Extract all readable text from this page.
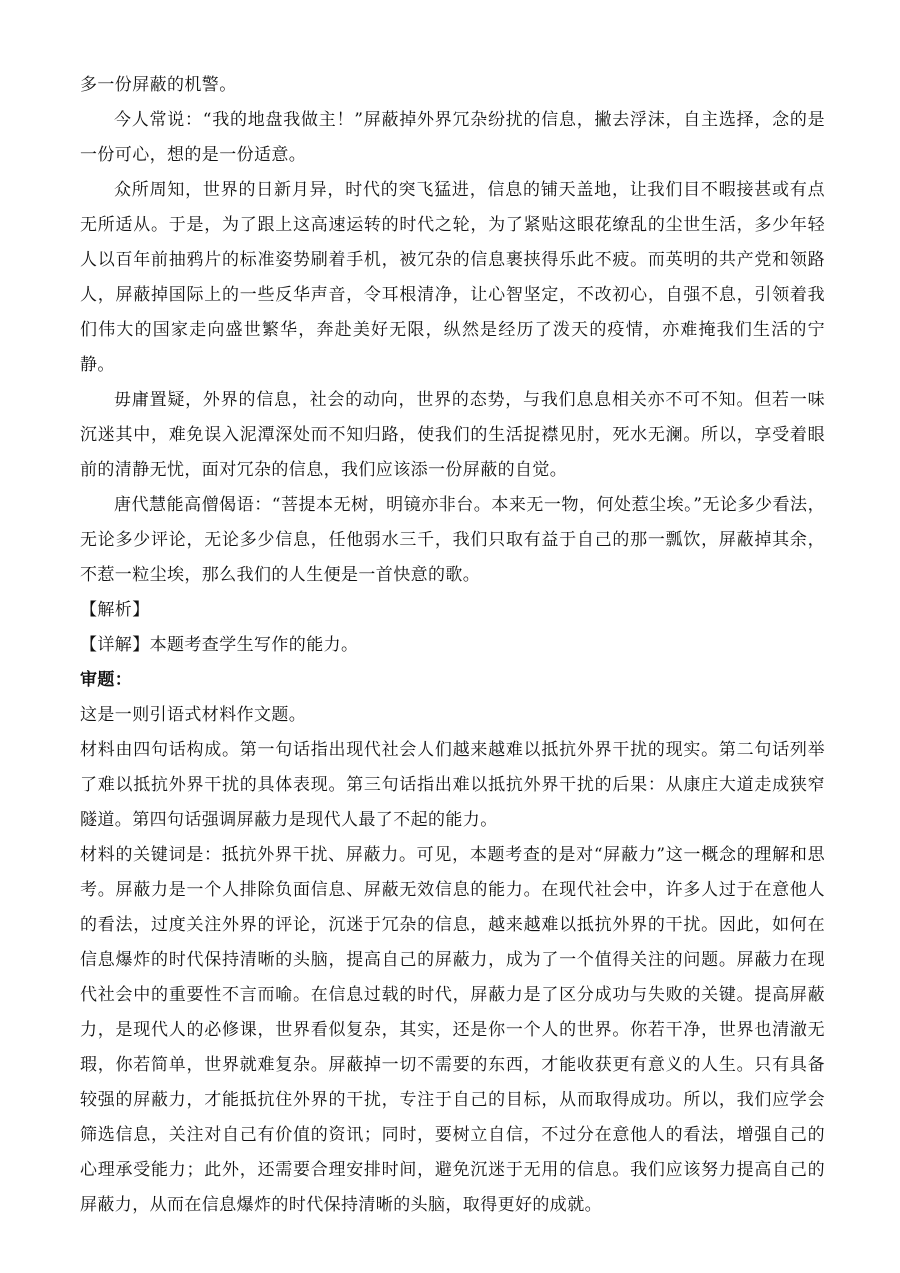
多一份屏蔽的机警。

今人常说：“我的地盘我做主！”屏蔽掉外界冗杂纷扰的信息，撇去浮沫，自主选择，念的是一份可心，想的是一份适意。

众所周知，世界的日新月异，时代的突飞猛进，信息的铺天盖地，让我们目不暇接甚或有点无所适从。于是，为了跟上这高速运转的时代之轮，为了紧贴这眼花缭乱的尘世生活，多少年轻人以百年前抽鸦片的标准姿势刷着手机，被冗杂的信息裹挟得乐此不疲。而英明的共产党和领路人，屏蔽掉国际上的一些反华声音，令耳根清净，让心智坚定，不改初心，自强不息，引领着我们伟大的国家走向盛世繁华，奔赴美好无限，纵然是经历了泼天的疫情，亦难掩我们生活的宁静。

毋庸置疑，外界的信息，社会的动向，世界的态势，与我们息息相关亦不可不知。但若一味沉迷其中，难免误入泥潭深处而不知归路，使我们的生活捉襟见肘，死水无澜。所以，享受着眼前的清静无忧，面对冗杂的信息，我们应该添一份屏蔽的自觉。

唐代慧能高僧偈语：“菩提本无树，明镜亦非台。本来无一物，何处惹尘埃。”无论多少看法，无论多少评论，无论多少信息，任他弱水三千，我们只取有益于自己的那一瓢饮，屏蔽掉其余，不惹一粒尘埃，那么我们的人生便是一首快意的歌。

【解析】

【详解】本题考查学生写作的能力。

审题：

这是一则引语式材料作文题。

材料由四句话构成。第一句话指出现代社会人们越来越难以抵抗外界干扰的现实。第二句话列举了难以抵抗外界干扰的具体表现。第三句话指出难以抵抗外界干扰的后果：从康庄大道走成狭窄隧道。第四句话强调屏蔽力是现代人最了不起的能力。

材料的关键词是：抵抗外界干扰、屏蔽力。可见，本题考查的是对“屏蔽力”这一概念的理解和思考。屏蔽力是一个人排除负面信息、屏蔽无效信息的能力。在现代社会中，许多人过于在意他人的看法，过度关注外界的评论，沉迷于冗杂的信息，越来越难以抵抗外界的干扰。因此，如何在信息爆炸的时代保持清晰的头脑，提高自己的屏蔽力，成为了一个值得关注的问题。屏蔽力在现代社会中的重要性不言而喻。在信息过载的时代，屏蔽力是了区分成功与失败的关键。提高屏蔽力，是现代人的必修课，世界看似复杂，其实，还是你一个人的世界。你若干净，世界也清澈无瑕，你若简单，世界就难复杂。屏蔽掉一切不需要的东西，才能收获更有意义的人生。只有具备较强的屏蔽力，才能抵抗住外界的干扰，专注于自己的目标，从而取得成功。所以，我们应学会筛选信息，关注对自己有价值的资讯；同时，要树立自信，不过分在意他人的看法，增强自己的心理承受能力；此外，还需要合理安排时间，避免沉迷于无用的信息。我们应该努力提高自己的屏蔽力，从而在信息爆炸的时代保持清晰的头脑，取得更好的成就。
